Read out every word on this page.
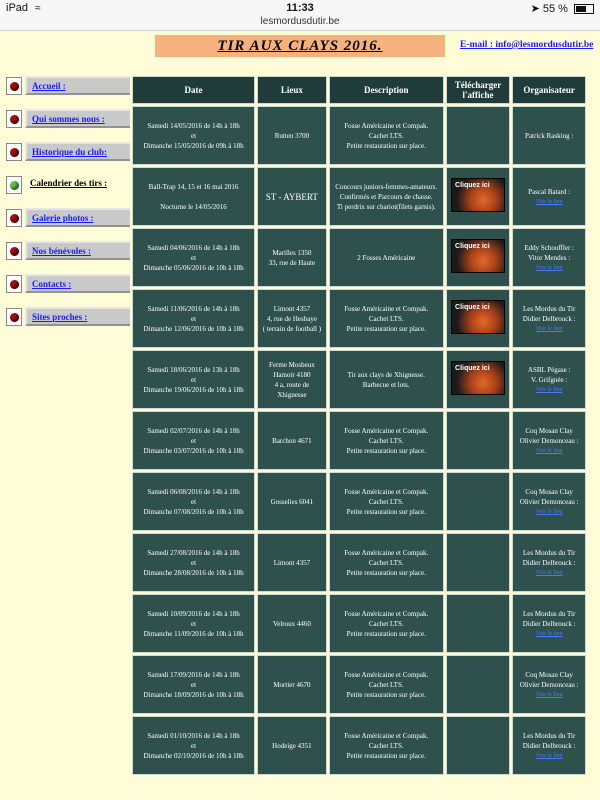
iPad ≈	11:33
lesmordusdutir.be
➤ 55 %
TIR AUX CLAYS 2016.	E-mail : info@lesmordusdutir.be
Accueil :
Qui sommes nous :
Historique du club:
Calendrier des tirs :
Galerie photos :
Nos bénévoles :
Contacts :
Sites proches :
Date	Lieux	Description	Télécharger l'affiche	Organisateur

Samedi 14/05/2016 de 14h à 18h
et
Dimanche 15/05/2016 de 09h à 18h	Rutten 3700	Fosse Américaine et Compak.
Cachet LTS.
Petite restauration sur place.		Patrick Rasking :

Ball-Trap 14, 15 et 16 mai 2016

Nocturne le 14/05/2016	ST - AYBERT	Concours juniors-femmes-amateurs.
Confirmés et Parcours de chasse.
Ti perdrix sur chariot(filets garnis).	Cliquez ici	Pascal Batard :
Voir le lien

Samedi 04/06/2016 de 14h à 18h
et
Dimanche 05/06/2016 de 10h à 18h	Marilles 1350
33, rue de Haute	2 Fosses Américaine	Cliquez ici	Eddy Schouffler :
Vitor Mendes :
Voir le lien

Samedi 11/06/2016 de 14h à 18h
et
Dimanche 12/06/2016 de 10h à 18h	Limont 4357
4, rue de Hesbaye
( terrain de football )	Fosse Américaine et Compak.
Cachet LTS.
Petite restauration sur place.	Cliquez ici	Les Mordus du Tir
Didier Delbrouck :
Voir le lien

Samedi 18/06/2016 de 13h à 18h
et
Dimanche 19/06/2016 de 10h à 18h	Ferme Mosbeux
Hamoir 4180
4 a, route de
Xhignesse	Tir aux clays de Xhignesse.
Barbecue et lots.	Cliquez ici	ASBL Pégase :
V. Grifgnée :
Voir le lien

Samedi 02/07/2016 de 14h à 18h
et
Dimanche 03/07/2016 de 10h à 18h	Barchon 4671	Fosse Américaine et Compak.
Cachet LTS.
Petite restauration sur place.		Coq Mosan Clay
Olivier Demonceau :
Voir le lien

Samedi 06/08/2016 de 14h à 18h
et
Dimanche 07/08/2016 de 10h à 18h	Gosselies 6041	Fosse Américaine et Compak.
Cachet LTS.
Petite restauration sur place.		Coq Mosan Clay
Olivier Demonceau :
Voir le lien

Samedi 27/08/2016 de 14h à 18h
et
Dimanche 28/08/2016 de 10h à 18h	Limont 4357	Fosse Américaine et Compak.
Cachet LTS.
Petite restauration sur place.		Les Mordus du Tir
Didier Delbrouck :
Voir le lien

Samedi 10/09/2016 de 14h à 18h
et
Dimanche 11/09/2016 de 10h à 18h	Velroux 4460	Fosse Américaine et Compak.
Cachet LTS.
Petite restauration sur place.		Les Mordus du Tir
Didier Delbrouck :
Voir le lien

Samedi 17/09/2016 de 14h à 18h
et
Dimanche 18/09/2016 de 10h à 18h	Mortier 4670	Fosse Américaine et Compak.
Cachet LTS.
Petite restauration sur place.		Coq Mosan Clay
Olivier Demonceau :
Voir le lien

Samedi 01/10/2016 de 14h à 18h
et
Dimanche 02/10/2016 de 10h à 18h	Hodeige 4351	Fosse Américaine et Compak.
Cachet LTS.
Petite restauration sur place.		Les Mordus du Tir
Didier Delbrouck :
Voir le lien
